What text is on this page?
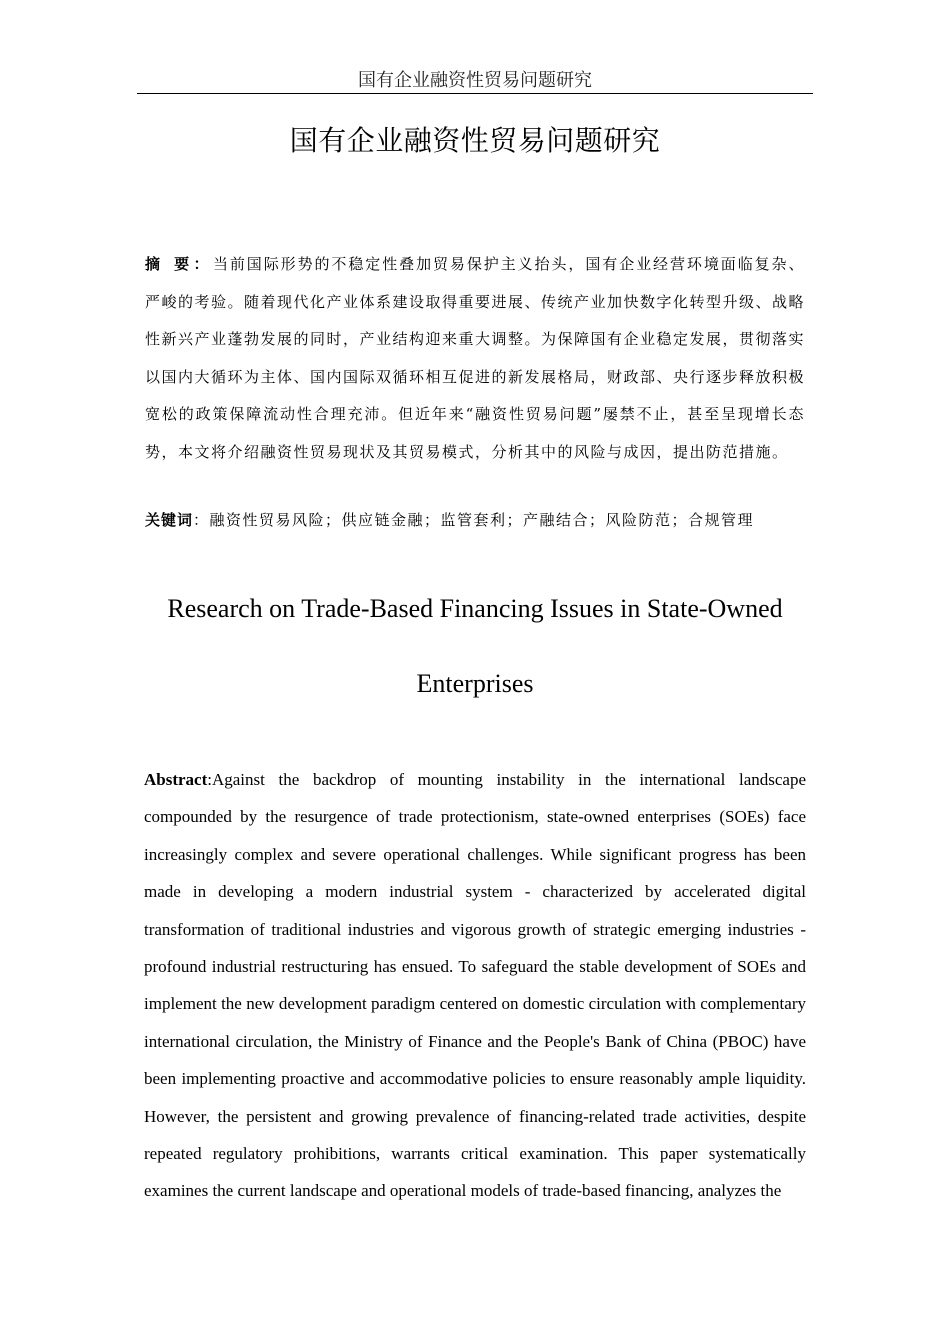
国有企业融资性贸易问题研究
国有企业融资性贸易问题研究
摘 要：当前国际形势的不稳定性叠加贸易保护主义抬头，国有企业经营环境面临复杂、严峻的考验。随着现代化产业体系建设取得重要进展、传统产业加快数字化转型升级、战略性新兴产业蓬勃发展的同时，产业结构迎来重大调整。为保障国有企业稳定发展，贯彻落实以国内大循环为主体、国内国际双循环相互促进的新发展格局，财政部、央行逐步释放积极宽松的政策保障流动性合理充沛。但近年来“融资性贸易问题”屡禁不止，甚至呈现增长态势，本文将介绍融资性贸易现状及其贸易模式，分析其中的风险与成因，提出防范措施。
关键词：融资性贸易风险；供应链金融；监管套利；产融结合；风险防范；合规管理
Research on Trade-Based Financing Issues in State-Owned Enterprises
Abstract:Against the backdrop of mounting instability in the international landscape compounded by the resurgence of trade protectionism, state-owned enterprises (SOEs) face increasingly complex and severe operational challenges. While significant progress has been made in developing a modern industrial system - characterized by accelerated digital transformation of traditional industries and vigorous growth of strategic emerging industries - profound industrial restructuring has ensued. To safeguard the stable development of SOEs and implement the new development paradigm centered on domestic circulation with complementary international circulation, the Ministry of Finance and the People's Bank of China (PBOC) have been implementing proactive and accommodative policies to ensure reasonably ample liquidity. However, the persistent and growing prevalence of financing-related trade activities, despite repeated regulatory prohibitions, warrants critical examination. This paper systematically examines the current landscape and operational models of trade-based financing, analyzes the
